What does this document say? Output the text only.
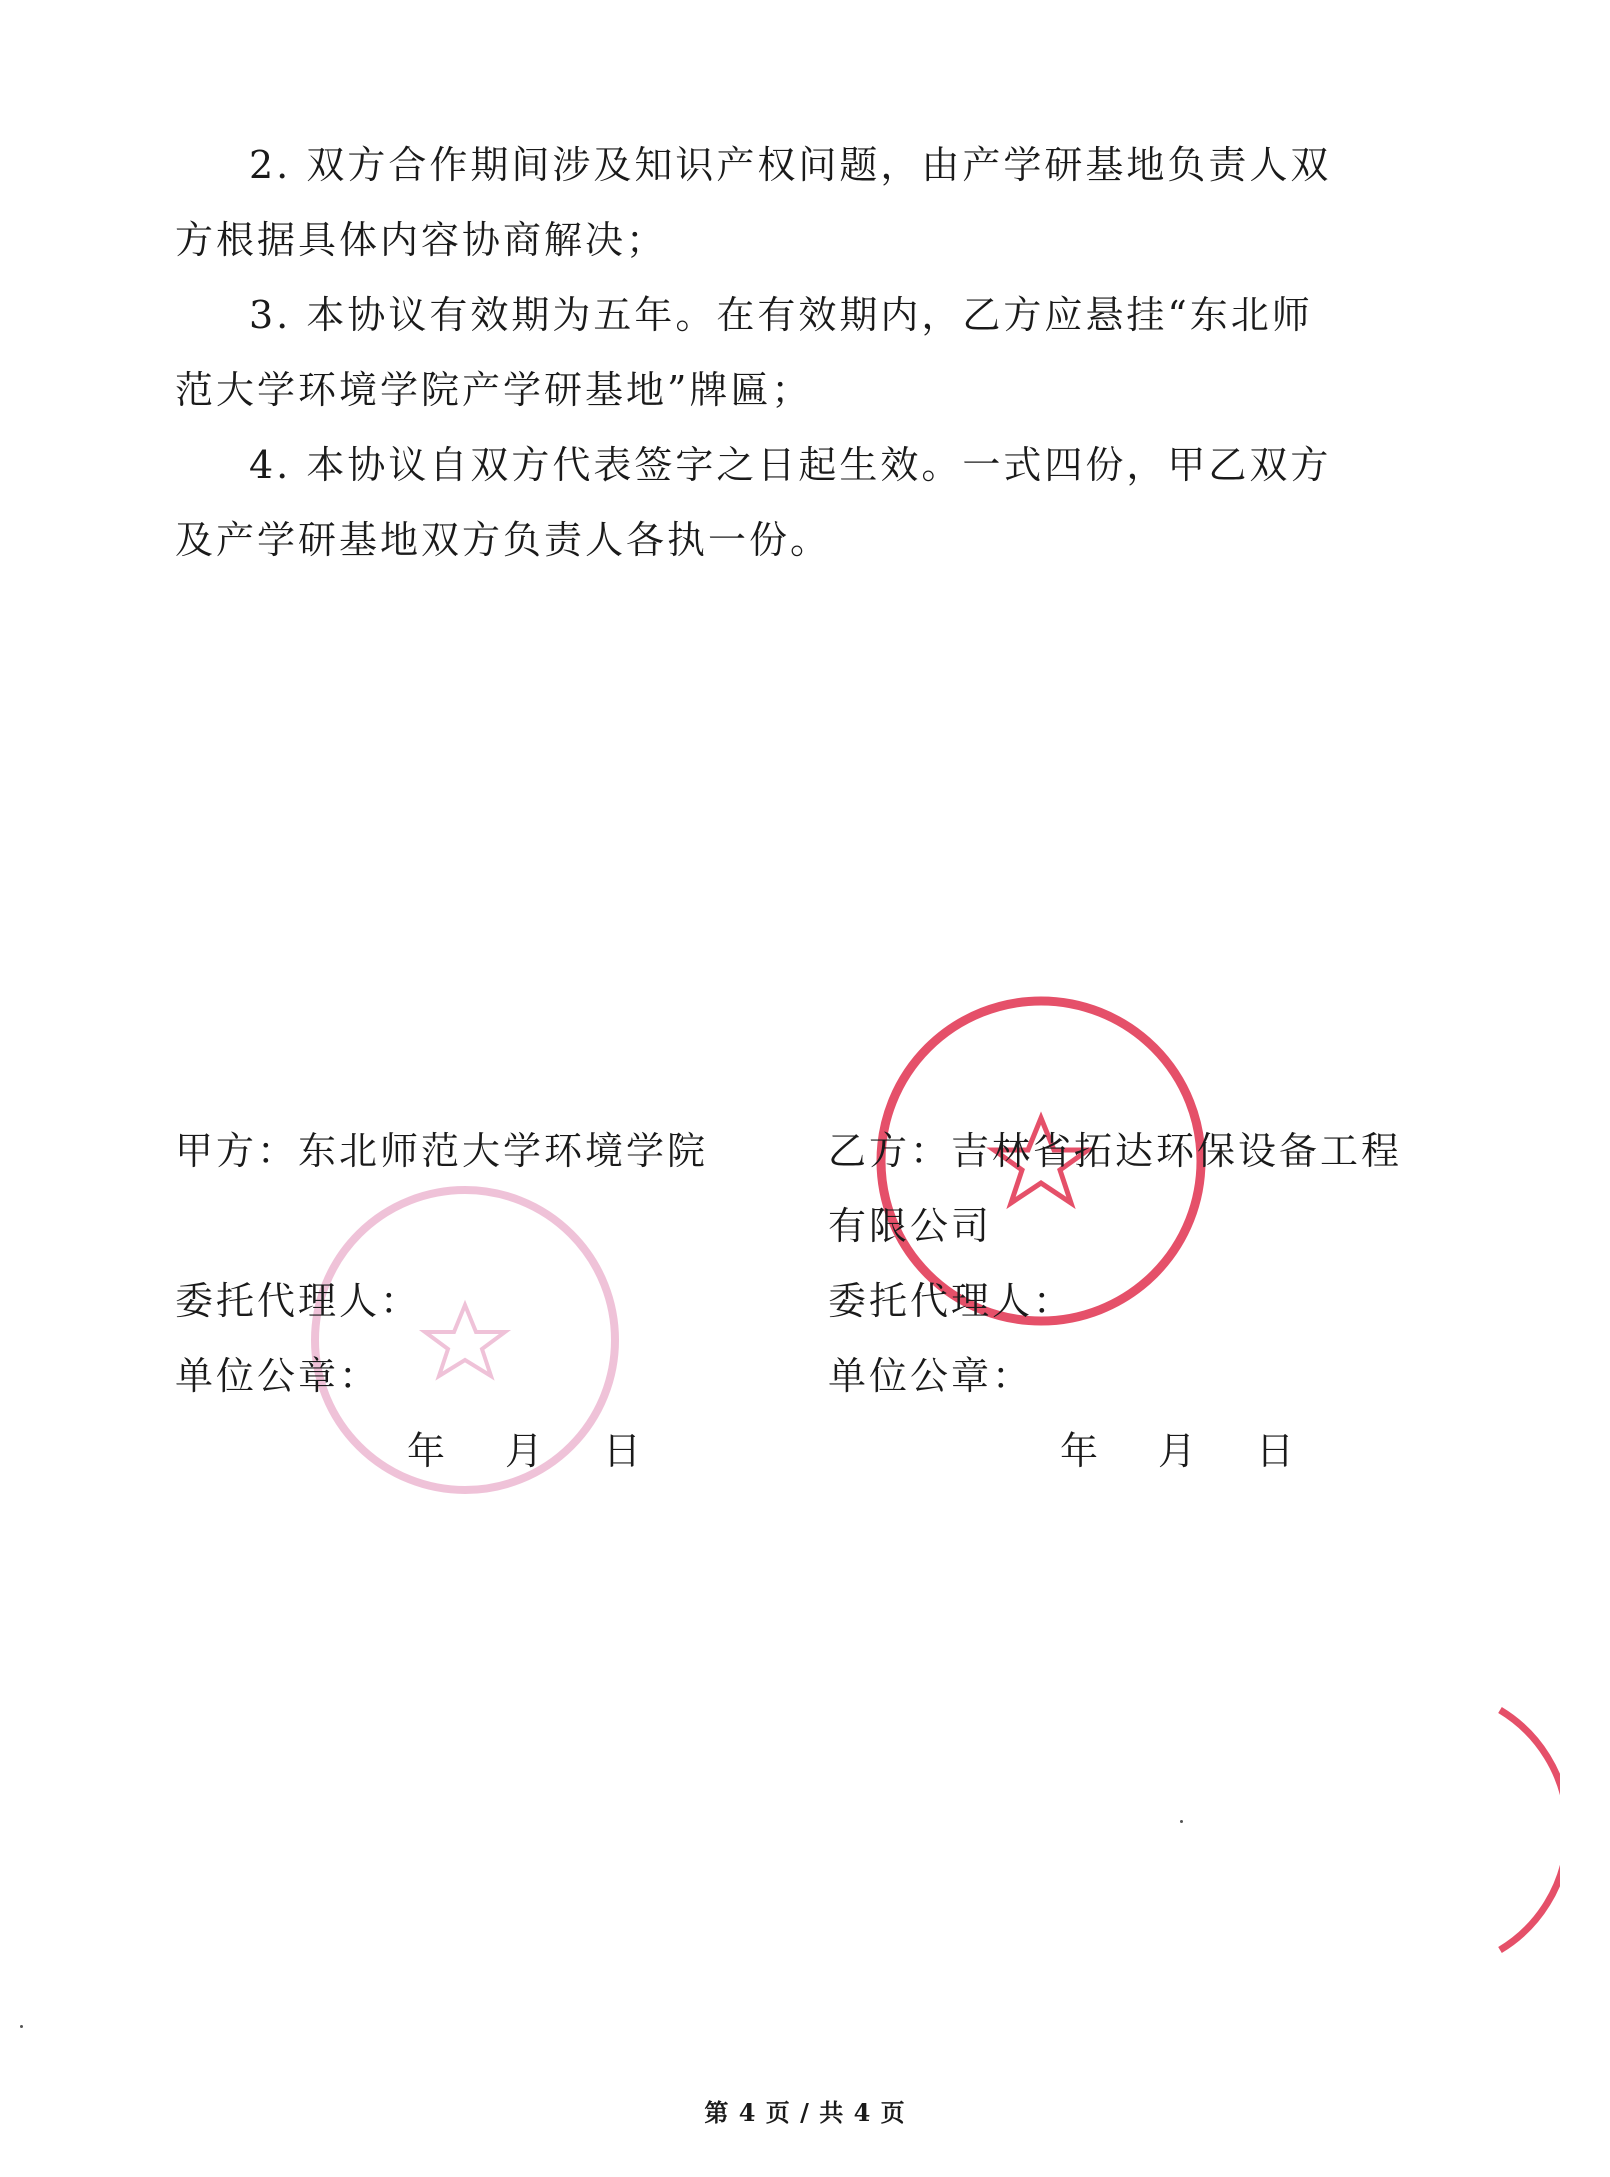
2. 双方合作期间涉及知识产权问题，由产学研基地负责人双方根据具体内容协商解决；
3. 本协议有效期为五年。在有效期内，乙方应悬挂“东北师范大学环境学院产学研基地”牌匾；
4. 本协议自双方代表签字之日起生效。一式四份，甲乙双方及产学研基地双方负责人各执一份。
甲方：东北师范大学环境学院
委托代理人：
单位公章：
年 月 日
乙方：吉林省拓达环保设备工程
有限公司
委托代理人：
单位公章：
年 月 日
第 4 页 / 共 4 页
